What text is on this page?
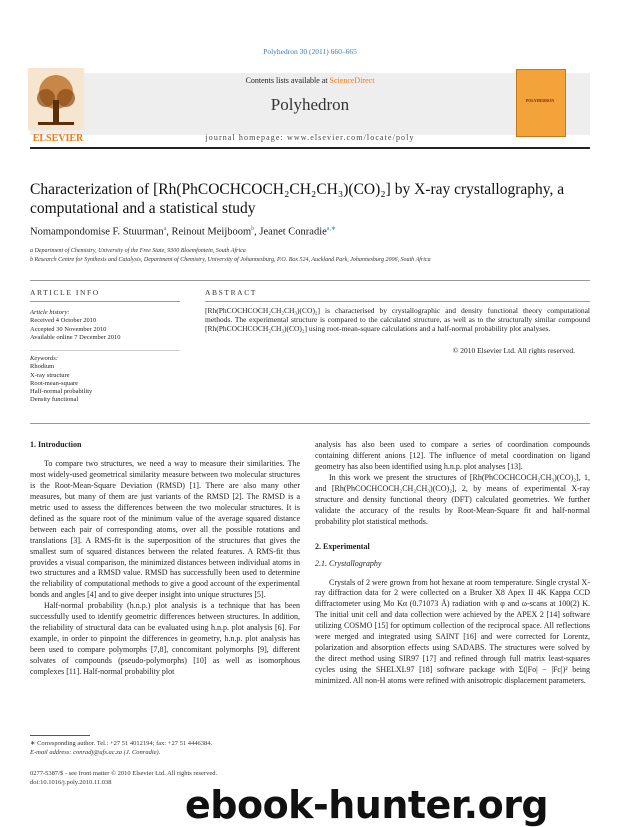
Polyhedron 30 (2011) 660–665
Contents lists available at ScienceDirect
Polyhedron
journal homepage: www.elsevier.com/locate/poly
ELSEVIER
POLYHEDRON
Characterization of [Rh(PhCOCHCOCH₂CH₂CH₃)(CO)₂] by X-ray crystallography, a computational and a statistical study
Nomampondomise F. Stuurman$^a$, Reinout Meijboom$^b$, Jeanet Conradie$^{a,∗}$
a Department of Chemistry, University of the Free State, 9300 Bloemfontein, South Africa
b Research Centre for Synthesis and Catalysis, Department of Chemistry, University of Johannesburg, P.O. Box 524, Auckland Park, Johannesburg 2006, South Africa
ARTICLE INFO
Article history:
Received 4 October 2010
Accepted 30 November 2010
Available online 7 December 2010
Keywords:
Rhodium
X-ray structure
Root-mean-square
Half-normal probability
Density functional
ABSTRACT
[Rh(PhCOCHCOCH₂CH₂CH₃)(CO)₂] is characterised by crystallographic and density functional theory computational methods. The experimental structure is compared to the calculated structure, as well as to the structurally similar compound [Rh(PhCOCHCOCH₂CH₃)(CO)₂] using root-mean-square calculations and a half-normal probability plot analyses.
© 2010 Elsevier Ltd. All rights reserved.

1. Introduction

To compare two structures, we need a way to measure their similarities. The most widely-used geometrical similarity measure between two molecular structures is the Root-Mean-Square Deviation (RMSD) [1]. There are also many other measures, but many of them are just variants of the RMSD [2]. The RMSD is a metric used to assess the differences between the two molecular structures. It is defined as the square root of the minimum value of the average squared distance between each pair of corresponding atoms, over all the possible rotations and translations [3]. A RMS-fit is the superposition of the structures that gives the smallest sum of squared distances between the related features. A RMS-fit thus provides a visual comparison, the minimized distances between individual atoms in two structures and a RMSD value. RMSD has successfully been used to determine the reliability of computational methods to give a good account of the experimental bonds and angles [4] and to give deeper insight into unique structures [5].

Half-normal probability (h.n.p.) plot analysis is a technique that has been successfully used to identify geometric differences between structures. In addition, the reliability of structural data can be evaluated using h.n.p. plot analysis [6]. For example, in order to pinpoint the differences in geometry, h.n.p. plot analysis has been used to compare polymorphs [7,8], concomitant polymorphs [9], different solvates of compounds (pseudo-polymorphs) [10] as well as isomorphous complexes [11]. Half-normal probability plot

analysis has also been used to compare a series of coordination compounds containing different anions [12]. The influence of metal coordination on ligand geometry has also been identified using h.n.p. plot analyses [13].

In this work we present the structures of [Rh(PhCOCHCOCH₂CH₃)(CO)₂], 1, and [Rh(PhCOCHCOCH₂CH₂CH₃)(CO)₂], 2, by means of experimental X-ray structure and density functional theory (DFT) calculated geometries. We further validate the accuracy of the results by Root-Mean-Square fit and half-normal probability plot statistical methods.

2. Experimental

2.1. Crystallography

Crystals of 2 were grown from hot hexane at room temperature. Single crystal X-ray diffraction data for 2 were collected on a Bruker X8 Apex II 4K Kappa CCD diffractometer using Mo Kα (0.71073 Å) radiation with φ and ω-scans at 100(2) K. The initial unit cell and data collection were achieved by the APEX 2 [14] software utilizing COSMO [15] for optimum collection of the reciprocal space. All reflections were merged and integrated using SAINT [16] and were corrected for Lorentz, polarization and absorption effects using SADABS. The structures were solved by the direct method using SIR97 [17] and refined through full matrix least-squares cycles using the SHELXL97 [18] software package with Σ(|Fo| − |Fc|)² being minimized. All non-H atoms were refined with anisotropic displacement parameters.

∗ Corresponding author. Tel.: +27 51 4012194; fax: +27 51 4446384.
E-mail address: conradj@ufs.ac.za (J. Conradie).
0277-5387/$ - see front matter © 2010 Elsevier Ltd. All rights reserved.
doi:10.1016/j.poly.2010.11.038
ebook-hunter.org
